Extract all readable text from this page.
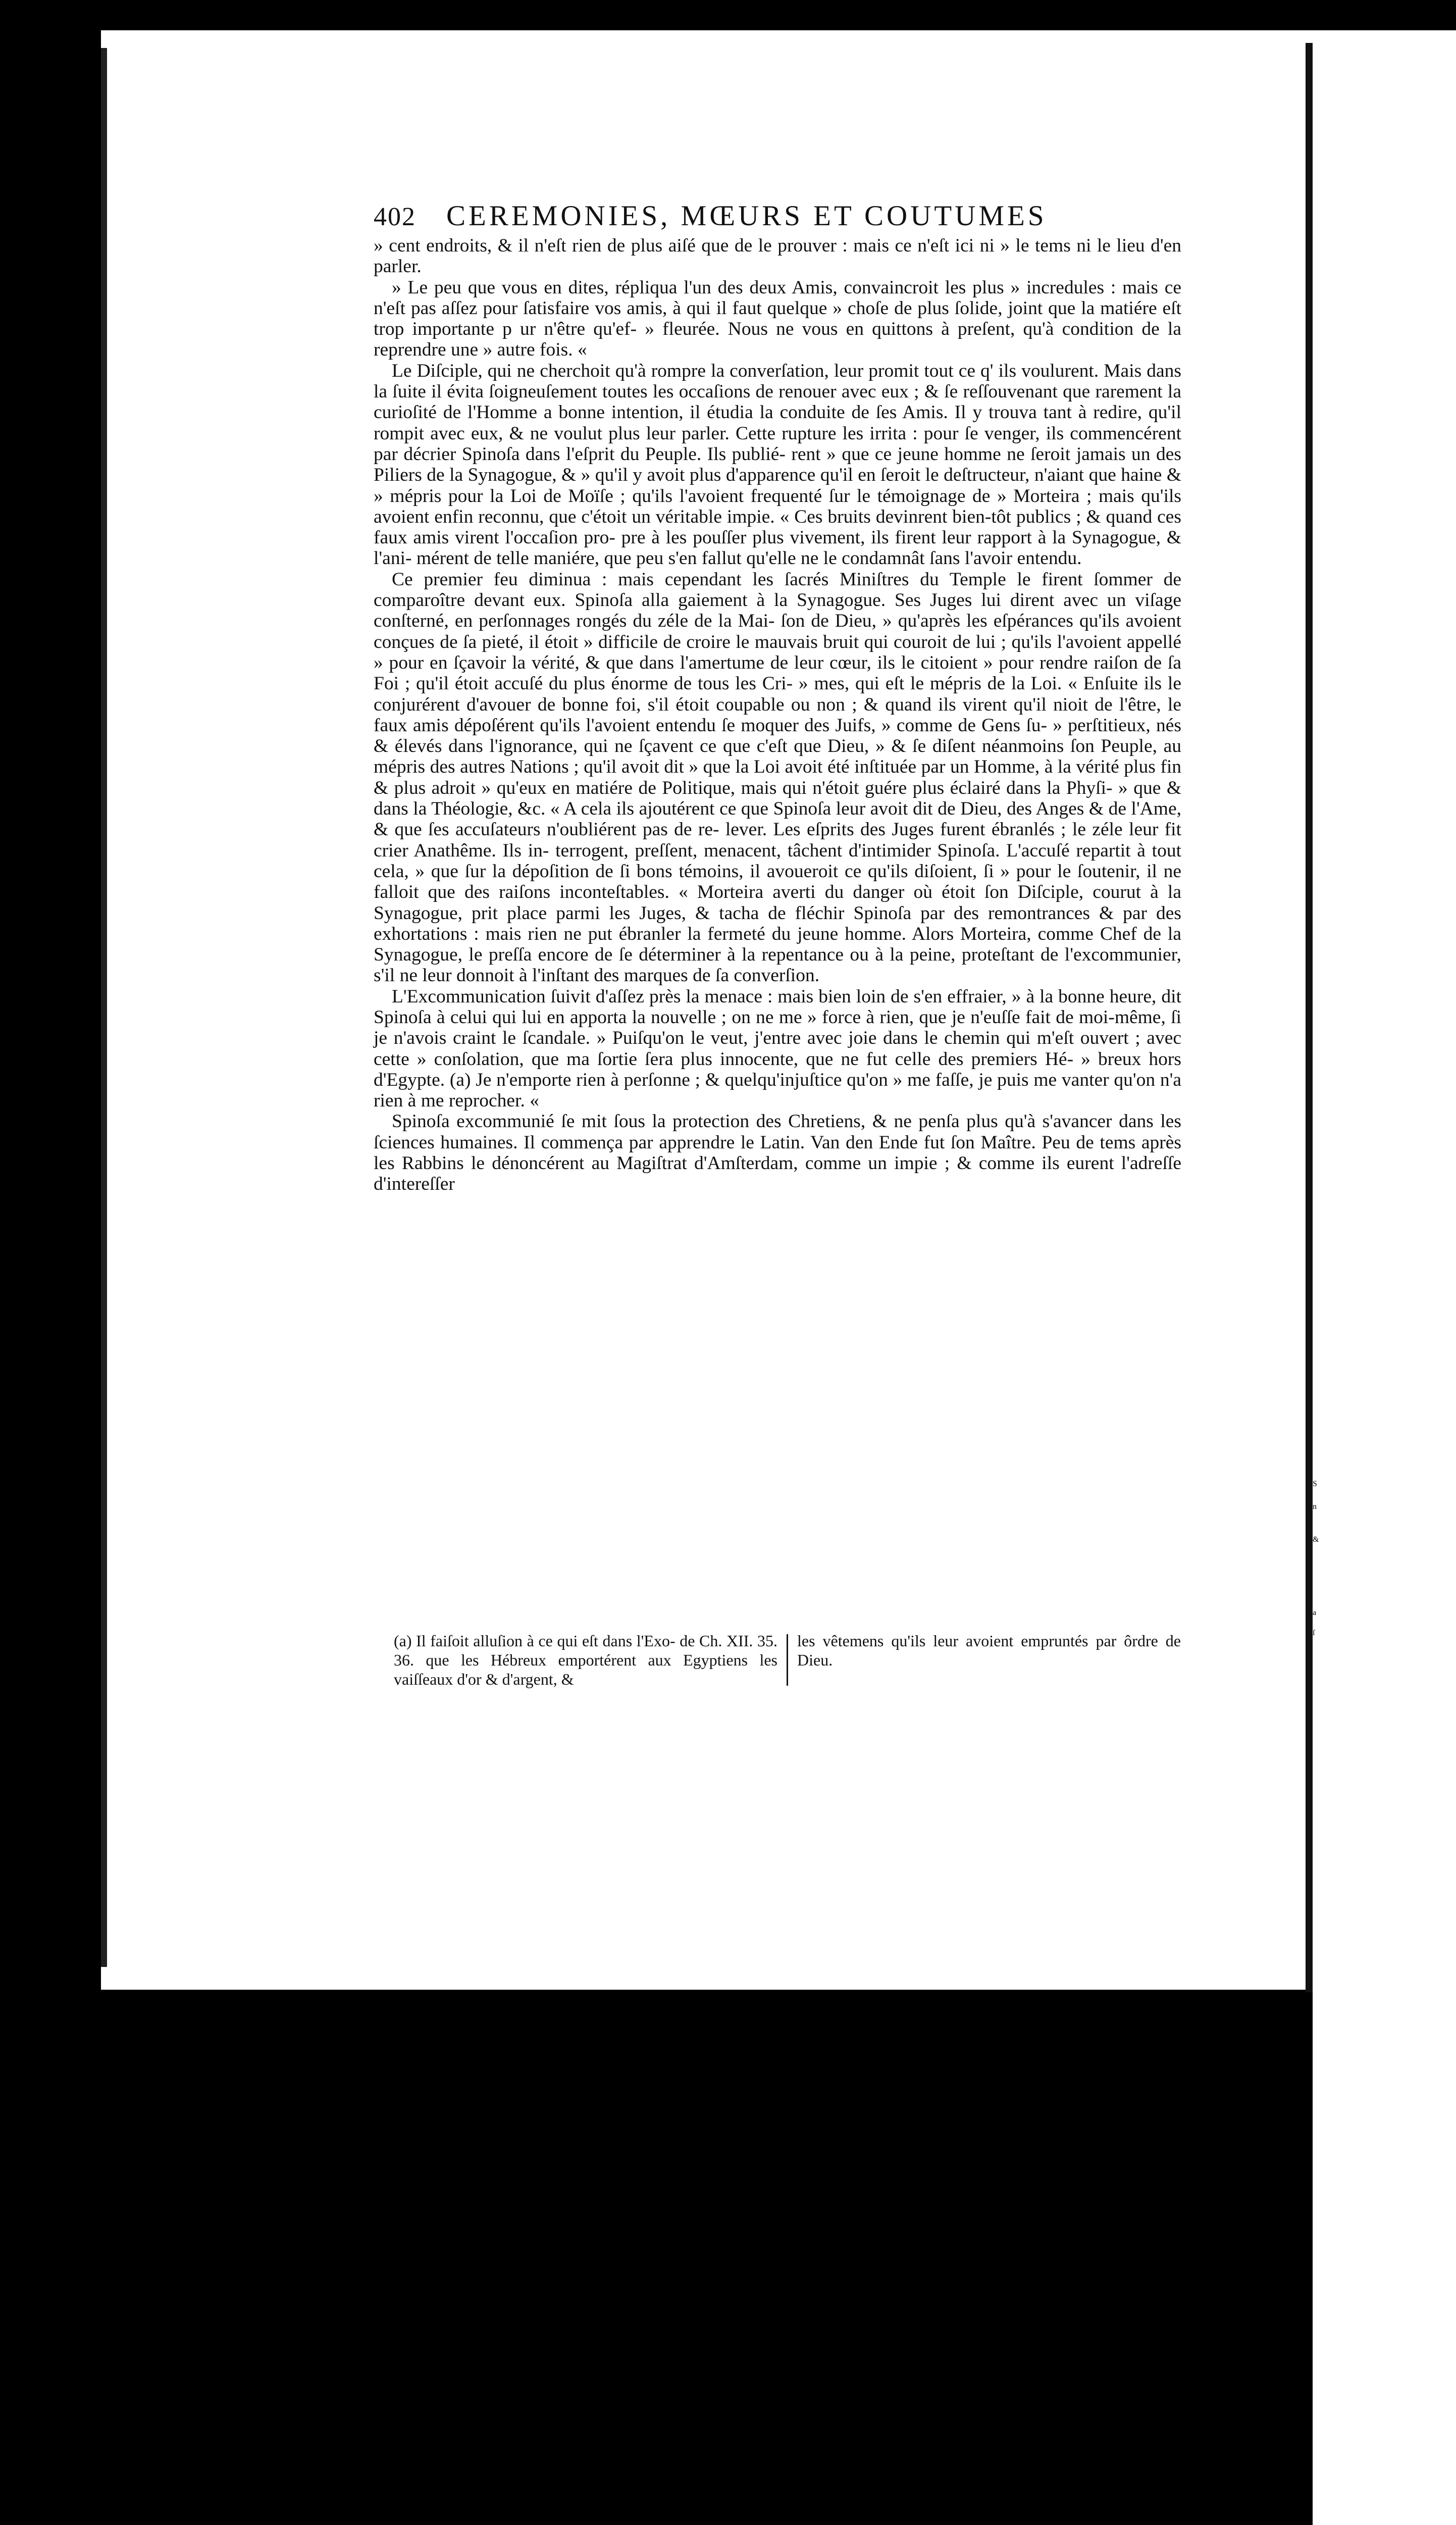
S
n
&
a
ſ
402 CEREMONIES, MŒURS ET COUTUMES

» cent endroits, & il n'eſt rien de plus aiſé que de le prouver : mais ce n'eſt ici ni » le tems ni le lieu d'en parler.

» Le peu que vous en dites, répliqua l'un des deux Amis, convaincroit les plus » incredules : mais ce n'eſt pas aſſez pour ſatisfaire vos amis, à qui il faut quelque » choſe de plus ſolide, joint que la matiére eſt trop importante p ur n'être qu'ef- » fleurée. Nous ne vous en quittons à preſent, qu'à condition de la reprendre une » autre fois. «

Le Diſciple, qui ne cherchoit qu'à rompre la converſation, leur promit tout ce q' ils voulurent. Mais dans la ſuite il évita ſoigneuſement toutes les occaſions de renouer avec eux ; & ſe reſſouvenant que rarement la curioſité de l'Homme a bonne intention, il étudia la conduite de ſes Amis. Il y trouva tant à redire, qu'il rompit avec eux, & ne voulut plus leur parler. Cette rupture les irrita : pour ſe venger, ils commencérent par décrier Spinoſa dans l'eſprit du Peuple. Ils publié- rent » que ce jeune homme ne ſeroit jamais un des Piliers de la Synagogue, & » qu'il y avoit plus d'apparence qu'il en ſeroit le deſtructeur, n'aiant que haine & » mépris pour la Loi de Moïſe ; qu'ils l'avoient frequenté ſur le témoignage de » Morteira ; mais qu'ils avoient enfin reconnu, que c'étoit un véritable impie. « Ces bruits devinrent bien-tôt publics ; & quand ces faux amis virent l'occaſion pro- pre à les pouſſer plus vivement, ils firent leur rapport à la Synagogue, & l'ani- mérent de telle maniére, que peu s'en fallut qu'elle ne le condamnât ſans l'avoir entendu.

Ce premier feu diminua : mais cependant les ſacrés Miniſtres du Temple le firent ſommer de comparoître devant eux. Spinoſa alla gaiement à la Synagogue. Ses Juges lui dirent avec un viſage conſterné, en perſonnages rongés du zéle de la Mai- ſon de Dieu, » qu'après les eſpérances qu'ils avoient conçues de ſa pieté, il étoit » difficile de croire le mauvais bruit qui couroit de lui ; qu'ils l'avoient appellé » pour en ſçavoir la vérité, & que dans l'amertume de leur cœur, ils le citoient » pour rendre raiſon de ſa Foi ; qu'il étoit accuſé du plus énorme de tous les Cri- » mes, qui eſt le mépris de la Loi. « Enſuite ils le conjurérent d'avouer de bonne foi, s'il étoit coupable ou non ; & quand ils virent qu'il nioit de l'être, le faux amis dépoſérent qu'ils l'avoient entendu ſe moquer des Juifs, » comme de Gens ſu- » perſtitieux, nés & élevés dans l'ignorance, qui ne ſçavent ce que c'eſt que Dieu, » & ſe diſent néanmoins ſon Peuple, au mépris des autres Nations ; qu'il avoit dit » que la Loi avoit été inſtituée par un Homme, à la vérité plus fin & plus adroit » qu'eux en matiére de Politique, mais qui n'étoit guére plus éclairé dans la Phyſi- » que & dans la Théologie, &c. « A cela ils ajoutérent ce que Spinoſa leur avoit dit de Dieu, des Anges & de l'Ame, & que ſes accuſateurs n'oubliérent pas de re- lever. Les eſprits des Juges furent ébranlés ; le zéle leur fit crier Anathême. Ils in- terrogent, preſſent, menacent, tâchent d'intimider Spinoſa. L'accuſé repartit à tout cela, » que ſur la dépoſition de ſi bons témoins, il avoueroit ce qu'ils diſoient, ſi » pour le ſoutenir, il ne falloit que des raiſons inconteſtables. « Morteira averti du danger où étoit ſon Diſciple, courut à la Synagogue, prit place parmi les Juges, & tacha de fléchir Spinoſa par des remontrances & par des exhortations : mais rien ne put ébranler la fermeté du jeune homme. Alors Morteira, comme Chef de la Synagogue, le preſſa encore de ſe déterminer à la repentance ou à la peine, proteſtant de l'excommunier, s'il ne leur donnoit à l'inſtant des marques de ſa converſion.

L'Excommunication ſuivit d'aſſez près la menace : mais bien loin de s'en effraier, » à la bonne heure, dit Spinoſa à celui qui lui en apporta la nouvelle ; on ne me » force à rien, que je n'euſſe fait de moi-même, ſi je n'avois craint le ſcandale. » Puiſqu'on le veut, j'entre avec joie dans le chemin qui m'eſt ouvert ; avec cette » conſolation, que ma ſortie ſera plus innocente, que ne fut celle des premiers Hé- » breux hors d'Egypte. (a) Je n'emporte rien à perſonne ; & quelqu'injuſtice qu'on » me faſſe, je puis me vanter qu'on n'a rien à me reprocher. «

Spinoſa excommunié ſe mit ſous la protection des Chretiens, & ne penſa plus qu'à s'avancer dans les ſciences humaines. Il commença par apprendre le Latin. Van den Ende fut ſon Maître. Peu de tems après les Rabbins le dénoncérent au Magiſtrat d'Amſterdam, comme un impie ; & comme ils eurent l'adreſſe d'intereſſer

(a) Il faiſoit alluſion à ce qui eſt dans l'Exo- de Ch. XII. 35. 36. que les Hébreux emportérent aux Egyptiens les vaiſſeaux d'or & d'argent, &
les vêtemens qu'ils leur avoient empruntés par ôrdre de Dieu.
